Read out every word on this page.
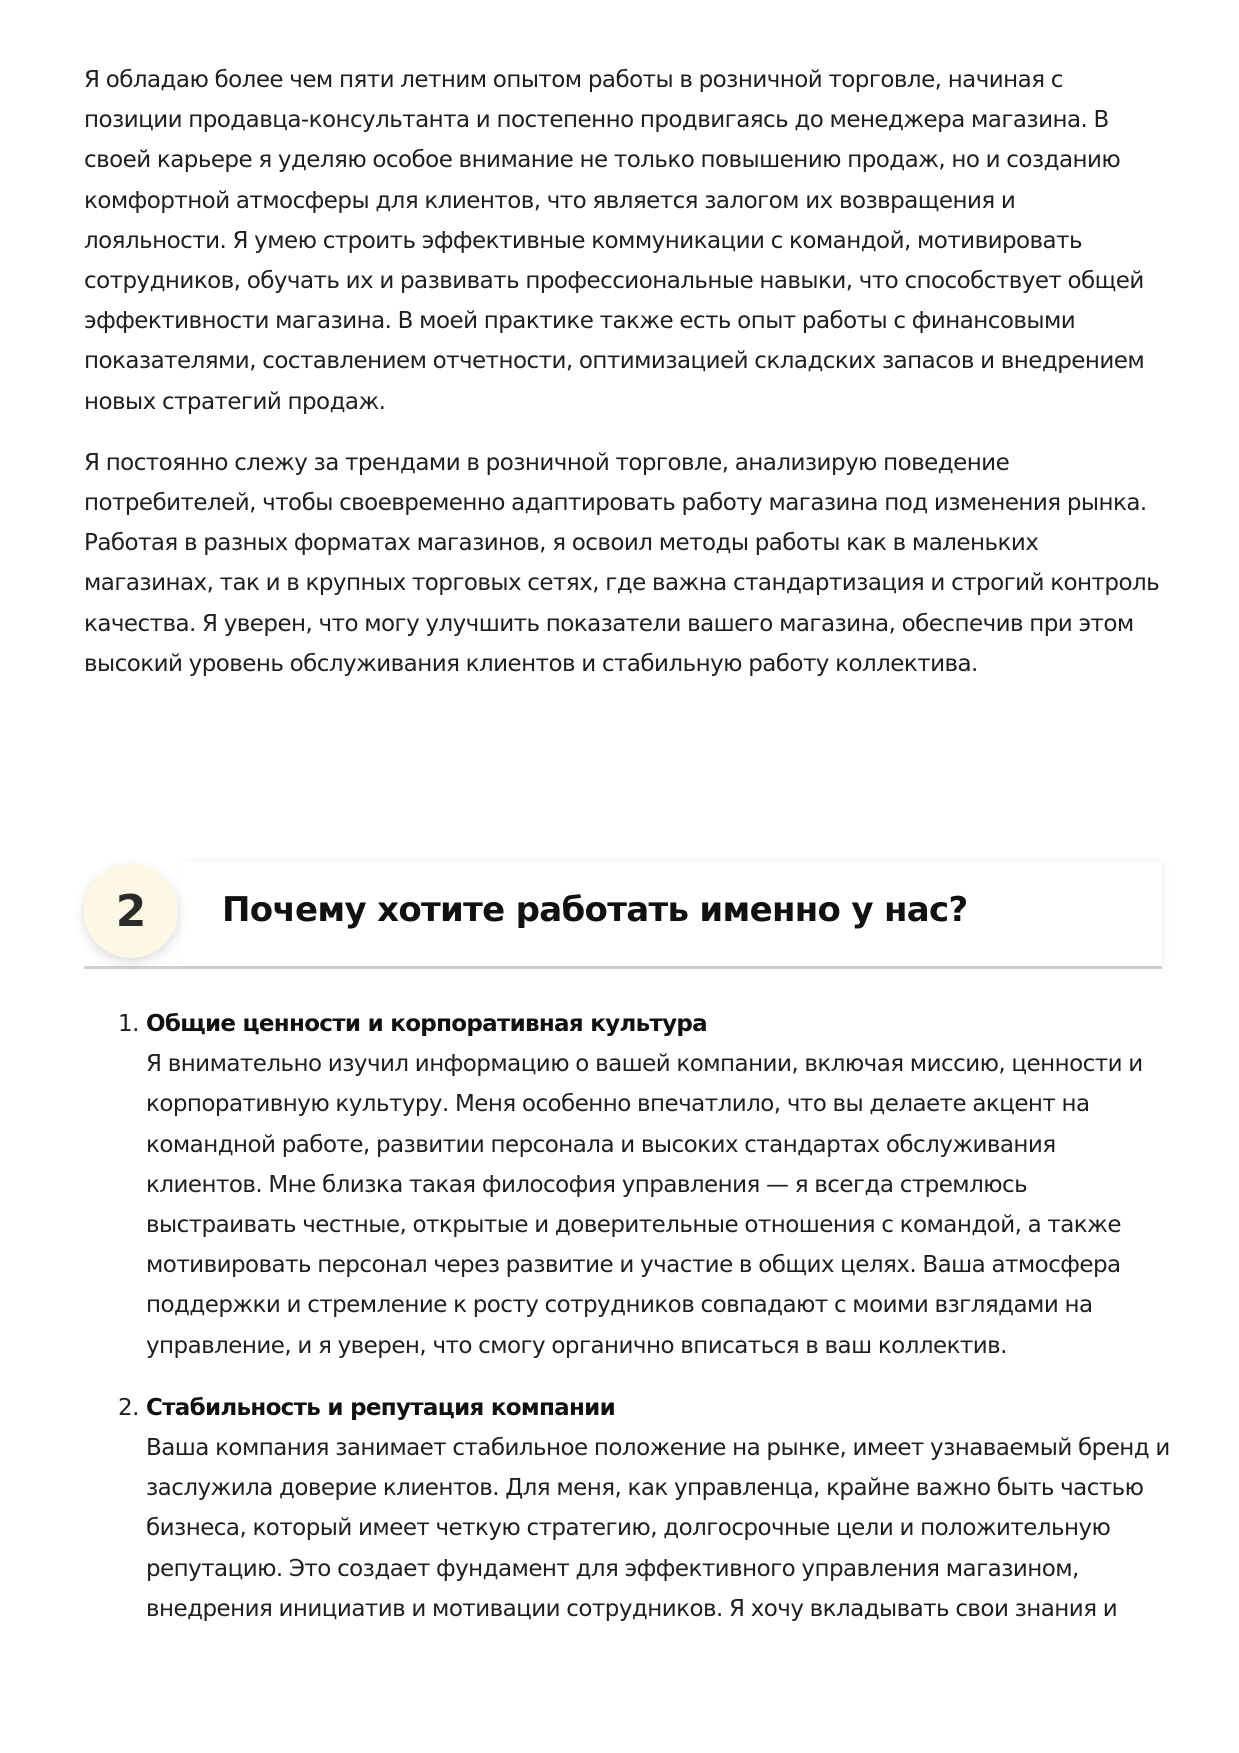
Я обладаю более чем пяти летним опытом работы в розничной торговле, начиная с позиции продавца-консультанта и постепенно продвигаясь до менеджера магазина. В своей карьере я уделяю особое внимание не только повышению продаж, но и созданию комфортной атмосферы для клиентов, что является залогом их возвращения и лояльности. Я умею строить эффективные коммуникации с командой, мотивировать сотрудников, обучать их и развивать профессиональные навыки, что способствует общей эффективности магазина. В моей практике также есть опыт работы с финансовыми показателями, составлением отчетности, оптимизацией складских запасов и внедрением новых стратегий продаж.

Я постоянно слежу за трендами в розничной торговле, анализирую поведение потребителей, чтобы своевременно адаптировать работу магазина под изменения рынка. Работая в разных форматах магазинов, я освоил методы работы как в маленьких магазинах, так и в крупных торговых сетях, где важна стандартизация и строгий контроль качества. Я уверен, что могу улучшить показатели вашего магазина, обеспечив при этом высокий уровень обслуживания клиентов и стабильную работу коллектива.

2	Почему хотите работать именно у нас?
1. Общие ценности и корпоративная культура
Я внимательно изучил информацию о вашей компании, включая миссию, ценности и корпоративную культуру. Меня особенно впечатлило, что вы делаете акцент на командной работе, развитии персонала и высоких стандартах обслуживания клиентов. Мне близка такая философия управления — я всегда стремлюсь выстраивать честные, открытые и доверительные отношения с командой, а также мотивировать персонал через развитие и участие в общих целях. Ваша атмосфера поддержки и стремление к росту сотрудников совпадают с моими взглядами на управление, и я уверен, что смогу органично вписаться в ваш коллектив.
2. Стабильность и репутация компании
Ваша компания занимает стабильное положение на рынке, имеет узнаваемый бренд и заслужила доверие клиентов. Для меня, как управленца, крайне важно быть частью бизнеса, который имеет четкую стратегию, долгосрочные цели и положительную репутацию. Это создает фундамент для эффективного управления магазином, внедрения инициатив и мотивации сотрудников. Я хочу вкладывать свои знания и
